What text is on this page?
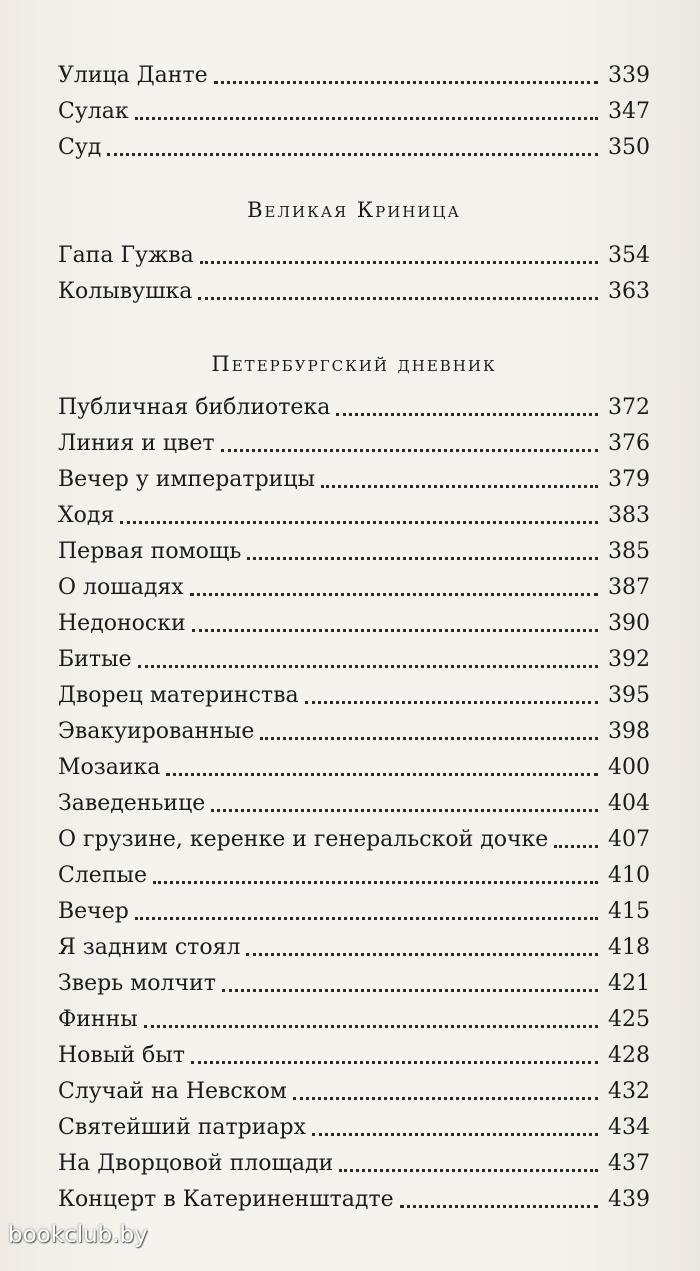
Улица Данте	339
Сулак	347
Суд	350
Великая Криница
Гапа Гужва	354
Колывушка	363
Петербургский дневник
Публичная библиотека	372
Линия и цвет	376
Вечер у императрицы	379
Ходя	383
Первая помощь	385
О лошадях	387
Недоноски	390
Битые	392
Дворец материнства	395
Эвакуированные	398
Мозаика	400
Заведеньице	404
О грузине, керенке и генеральской дочке	407
Слепые	410
Вечер	415
Я задним стоял	418
Зверь молчит	421
Финны	425
Новый быт	428
Случай на Невском	432
Святейший патриарх	434
На Дворцовой площади	437
Концерт в Катериненштадте	439
bookclub.by
